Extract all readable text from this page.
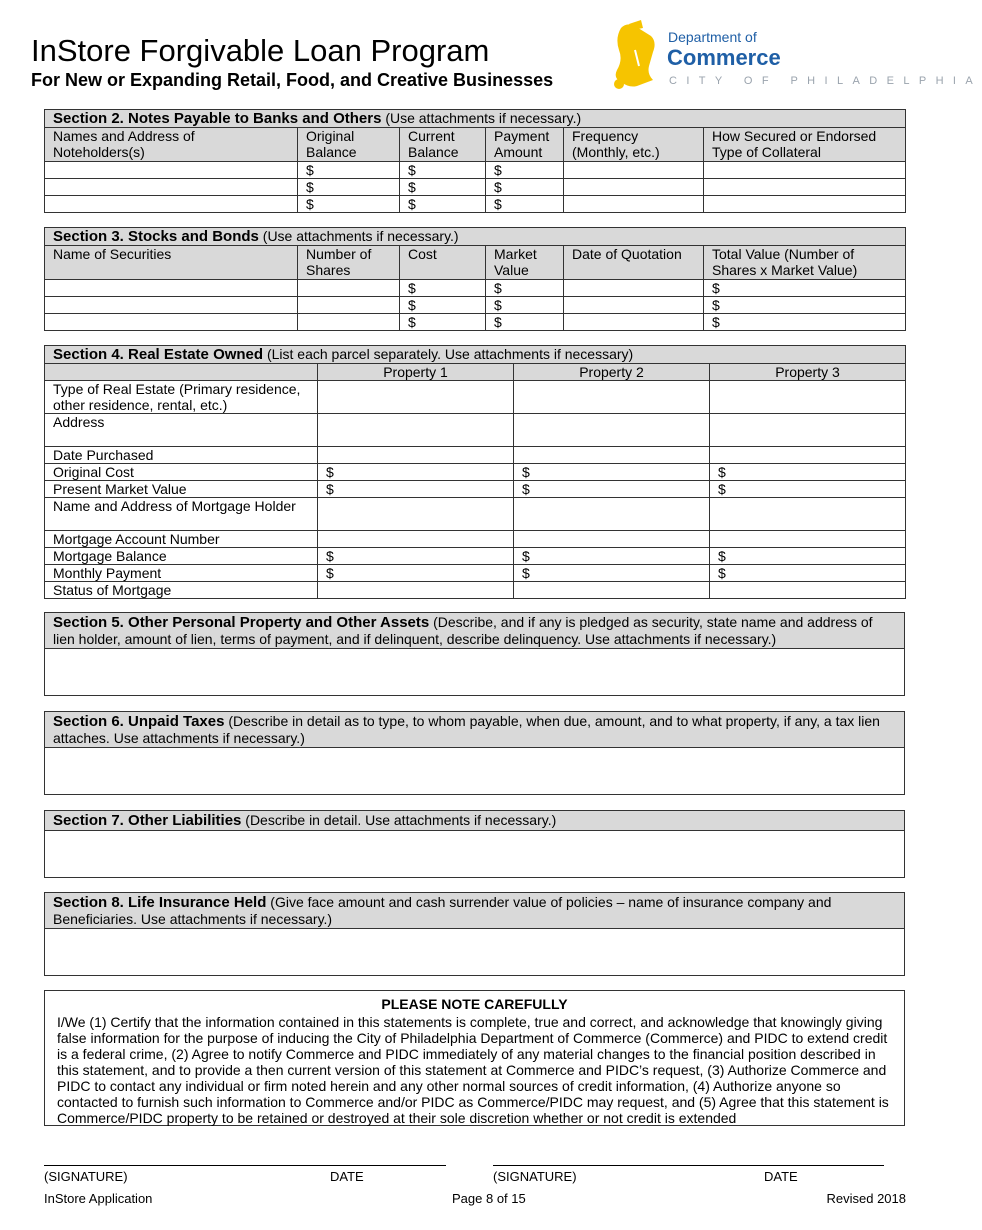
InStore Forgivable Loan Program
For New or Expanding Retail, Food, and Creative Businesses
Department of
Commerce
CITY OF PHILADELPHIA
Section 2. Notes Payable to Banks and Others (Use attachments if necessary.)					
Names and Address of Noteholders(s)	Original Balance	Current Balance	Payment Amount	Frequency (Monthly, etc.)	How Secured or Endorsed Type of Collateral
	$	$	$		
	$	$	$		
	$	$	$		
Section 3. Stocks and Bonds (Use attachments if necessary.)					
Name of Securities	Number of Shares	Cost	Market Value	Date of Quotation	Total Value (Number of Shares x Market Value)
		$	$		$
		$	$		$
		$	$		$
Section 4. Real Estate Owned (List each parcel separately. Use attachments if necessary)			
	Property 1	Property 2	Property 3
Type of Real Estate (Primary residence, other residence, rental, etc.)			
Address			
Date Purchased			
Original Cost	$	$	$
Present Market Value	$	$	$
Name and Address of Mortgage Holder			
Mortgage Account Number			
Mortgage Balance	$	$	$
Monthly Payment	$	$	$
Status of Mortgage			
Section 5. Other Personal Property and Other Assets (Describe, and if any is pledged as security, state name and address of lien holder, amount of lien, terms of payment, and if delinquent, describe delinquency. Use attachments if necessary.)
Section 6. Unpaid Taxes (Describe in detail as to type, to whom payable, when due, amount, and to what property, if any, a tax lien attaches. Use attachments if necessary.)
Section 7. Other Liabilities (Describe in detail. Use attachments if necessary.)
Section 8. Life Insurance Held (Give face amount and cash surrender value of policies – name of insurance company and Beneficiaries. Use attachments if necessary.)
PLEASE NOTE CAREFULLY
I/We (1) Certify that the information contained in this statements is complete, true and correct, and acknowledge that knowingly giving false information for the purpose of inducing the City of Philadelphia Department of Commerce (Commerce) and PIDC to extend credit is a federal crime, (2) Agree to notify Commerce and PIDC immediately of any material changes to the financial position described in this statement, and to provide a then current version of this statement at Commerce and PIDC’s request, (3) Authorize Commerce and PIDC to contact any individual or firm noted herein and any other normal sources of credit information, (4) Authorize anyone so contacted to furnish such information to Commerce and/or PIDC as Commerce/PIDC may request, and (5) Agree that this statement is Commerce/PIDC property to be retained or destroyed at their sole discretion whether or not credit is extended
(SIGNATURE)	DATE	(SIGNATURE)	DATE
InStore Application	Page 8 of 15	Revised 2018
